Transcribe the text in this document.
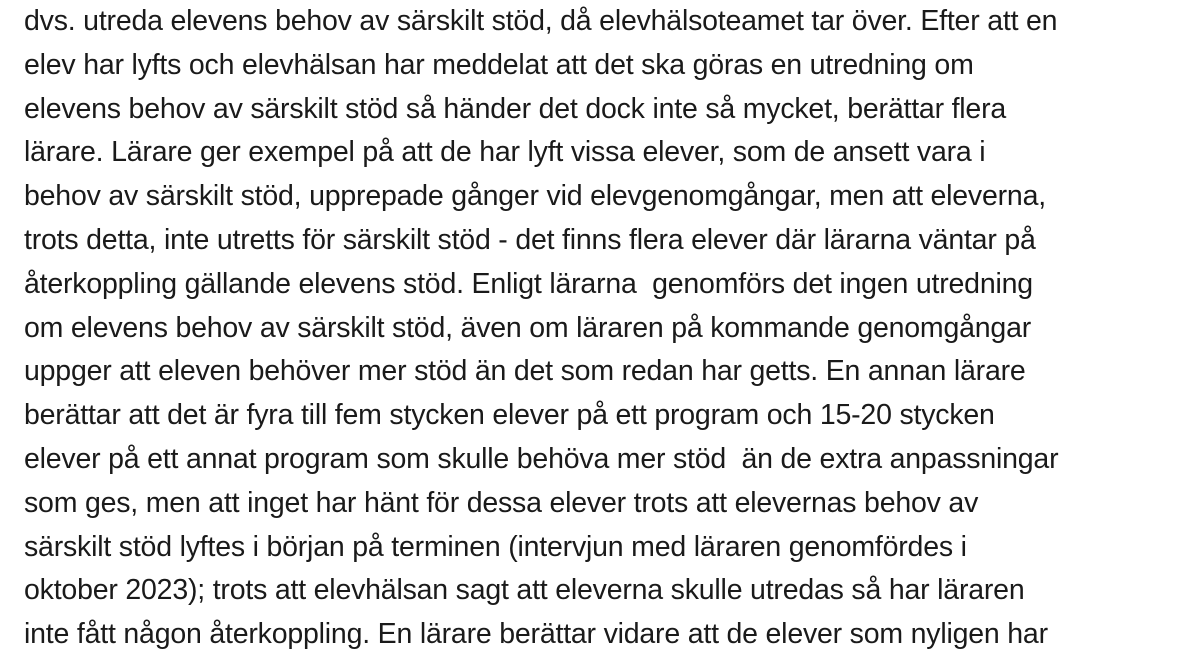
dvs. utreda elevens behov av särskilt stöd, då elevhälsoteamet tar över. Efter att en
elev har lyfts och elevhälsan har meddelat att det ska göras en utredning om
elevens behov av särskilt stöd så händer det dock inte så mycket, berättar flera
lärare. Lärare ger exempel på att de har lyft vissa elever, som de ansett vara i
behov av särskilt stöd, upprepade gånger vid elevgenomgångar, men att eleverna,
trots detta, inte utretts för särskilt stöd - det finns flera elever där lärarna väntar på
återkoppling gällande elevens stöd. Enligt lärarna  genomförs det ingen utredning
om elevens behov av särskilt stöd, även om läraren på kommande genomgångar
uppger att eleven behöver mer stöd än det som redan har getts. En annan lärare
berättar att det är fyra till fem stycken elever på ett program och 15-20 stycken
elever på ett annat program som skulle behöva mer stöd  än de extra anpassningar
som ges, men att inget har hänt för dessa elever trots att elevernas behov av
särskilt stöd lyftes i början på terminen (intervjun med läraren genomfördes i
oktober 2023); trots att elevhälsan sagt att eleverna skulle utredas så har läraren
inte fått någon återkoppling. En lärare berättar vidare att de elever som nyligen har
